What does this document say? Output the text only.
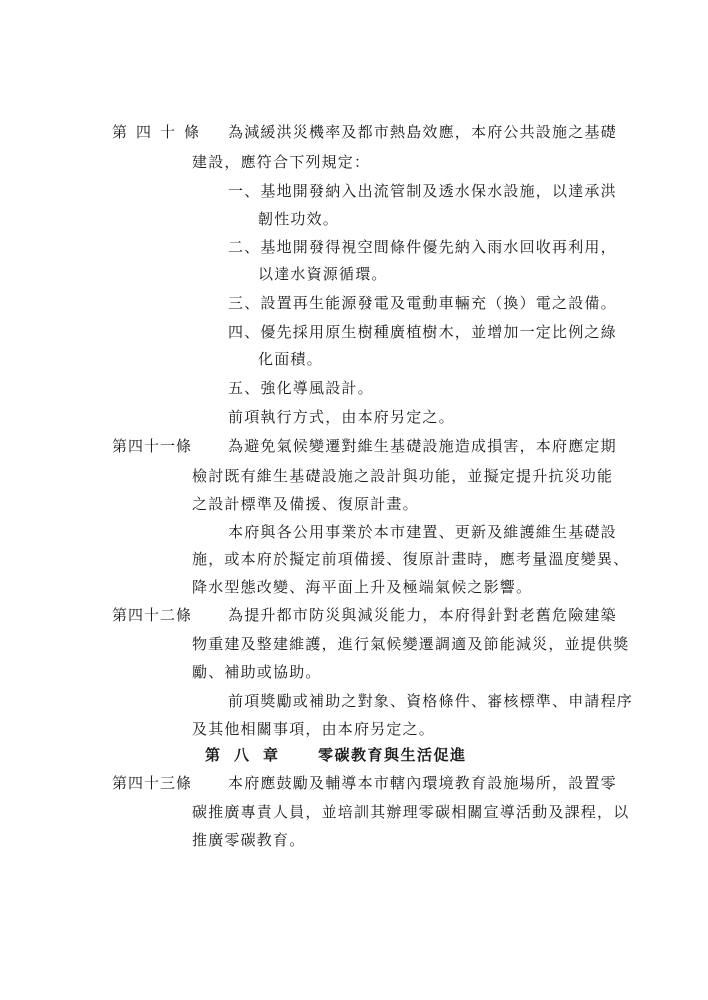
第四十條 為減緩洪災機率及都市熱島效應，本府公共設施之基礎
建設，應符合下列規定：
一、基地開發納入出流管制及透水保水設施，以達承洪
韌性功效。
二、基地開發得視空間條件優先納入雨水回收再利用，
以達水資源循環。
三、設置再生能源發電及電動車輛充（換）電之設備。
四、優先採用原生樹種廣植樹木，並增加一定比例之綠
化面積。
五、強化導風設計。
前項執行方式，由本府另定之。
第四十一條 為避免氣候變遷對維生基礎設施造成損害，本府應定期
檢討既有維生基礎設施之設計與功能，並擬定提升抗災功能
之設計標準及備援、復原計畫。
本府與各公用事業於本市建置、更新及維護維生基礎設
施，或本府於擬定前項備援、復原計畫時，應考量溫度變異、
降水型態改變、海平面上升及極端氣候之影響。
第四十二條 為提升都市防災與減災能力，本府得針對老舊危險建築
物重建及整建維護，進行氣候變遷調適及節能減災，並提供獎
勵、補助或協助。
前項獎勵或補助之對象、資格條件、審核標準、申請程序
及其他相關事項，由本府另定之。
第八章 零碳教育與生活促進
第四十三條 本府應鼓勵及輔導本市轄內環境教育設施場所，設置零
碳推廣專責人員，並培訓其辦理零碳相關宣導活動及課程，以
推廣零碳教育。
